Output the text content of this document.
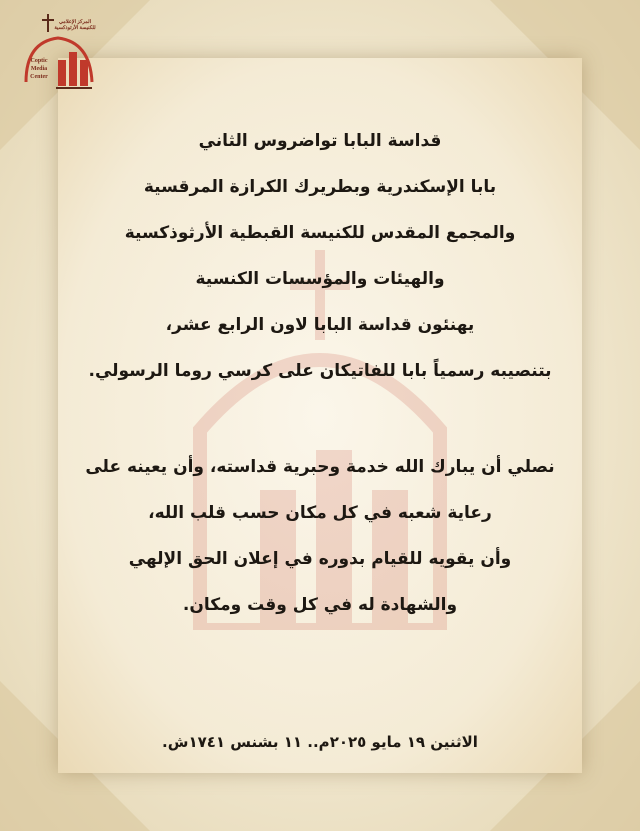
المركز الإعلامي للكنيسة الأرثوذكسية
Coptic
Media
Center
قداسة البابا تواضروس الثاني
بابا الإسكندرية وبطريرك الكرازة المرقسية
والمجمع المقدس للكنيسة القبطية الأرثوذكسية
والهيئات والمؤسسات الكنسية
يهنئون قداسة البابا لاون الرابع عشر،
بتنصيبه رسمياً بابا للفاتيكان على كرسي روما الرسولي.
نصلي أن يبارك الله خدمة وحبرية قداسته، وأن يعينه على
رعاية شعبه في كل مكان حسب قلب الله،
وأن يقويه للقيام بدوره في إعلان الحق الإلهي
والشهادة له في كل وقت ومكان.
الاثنين ١٩ مايو ٢٠٢٥م.. ١١ بشنس ١٧٤١ش.
